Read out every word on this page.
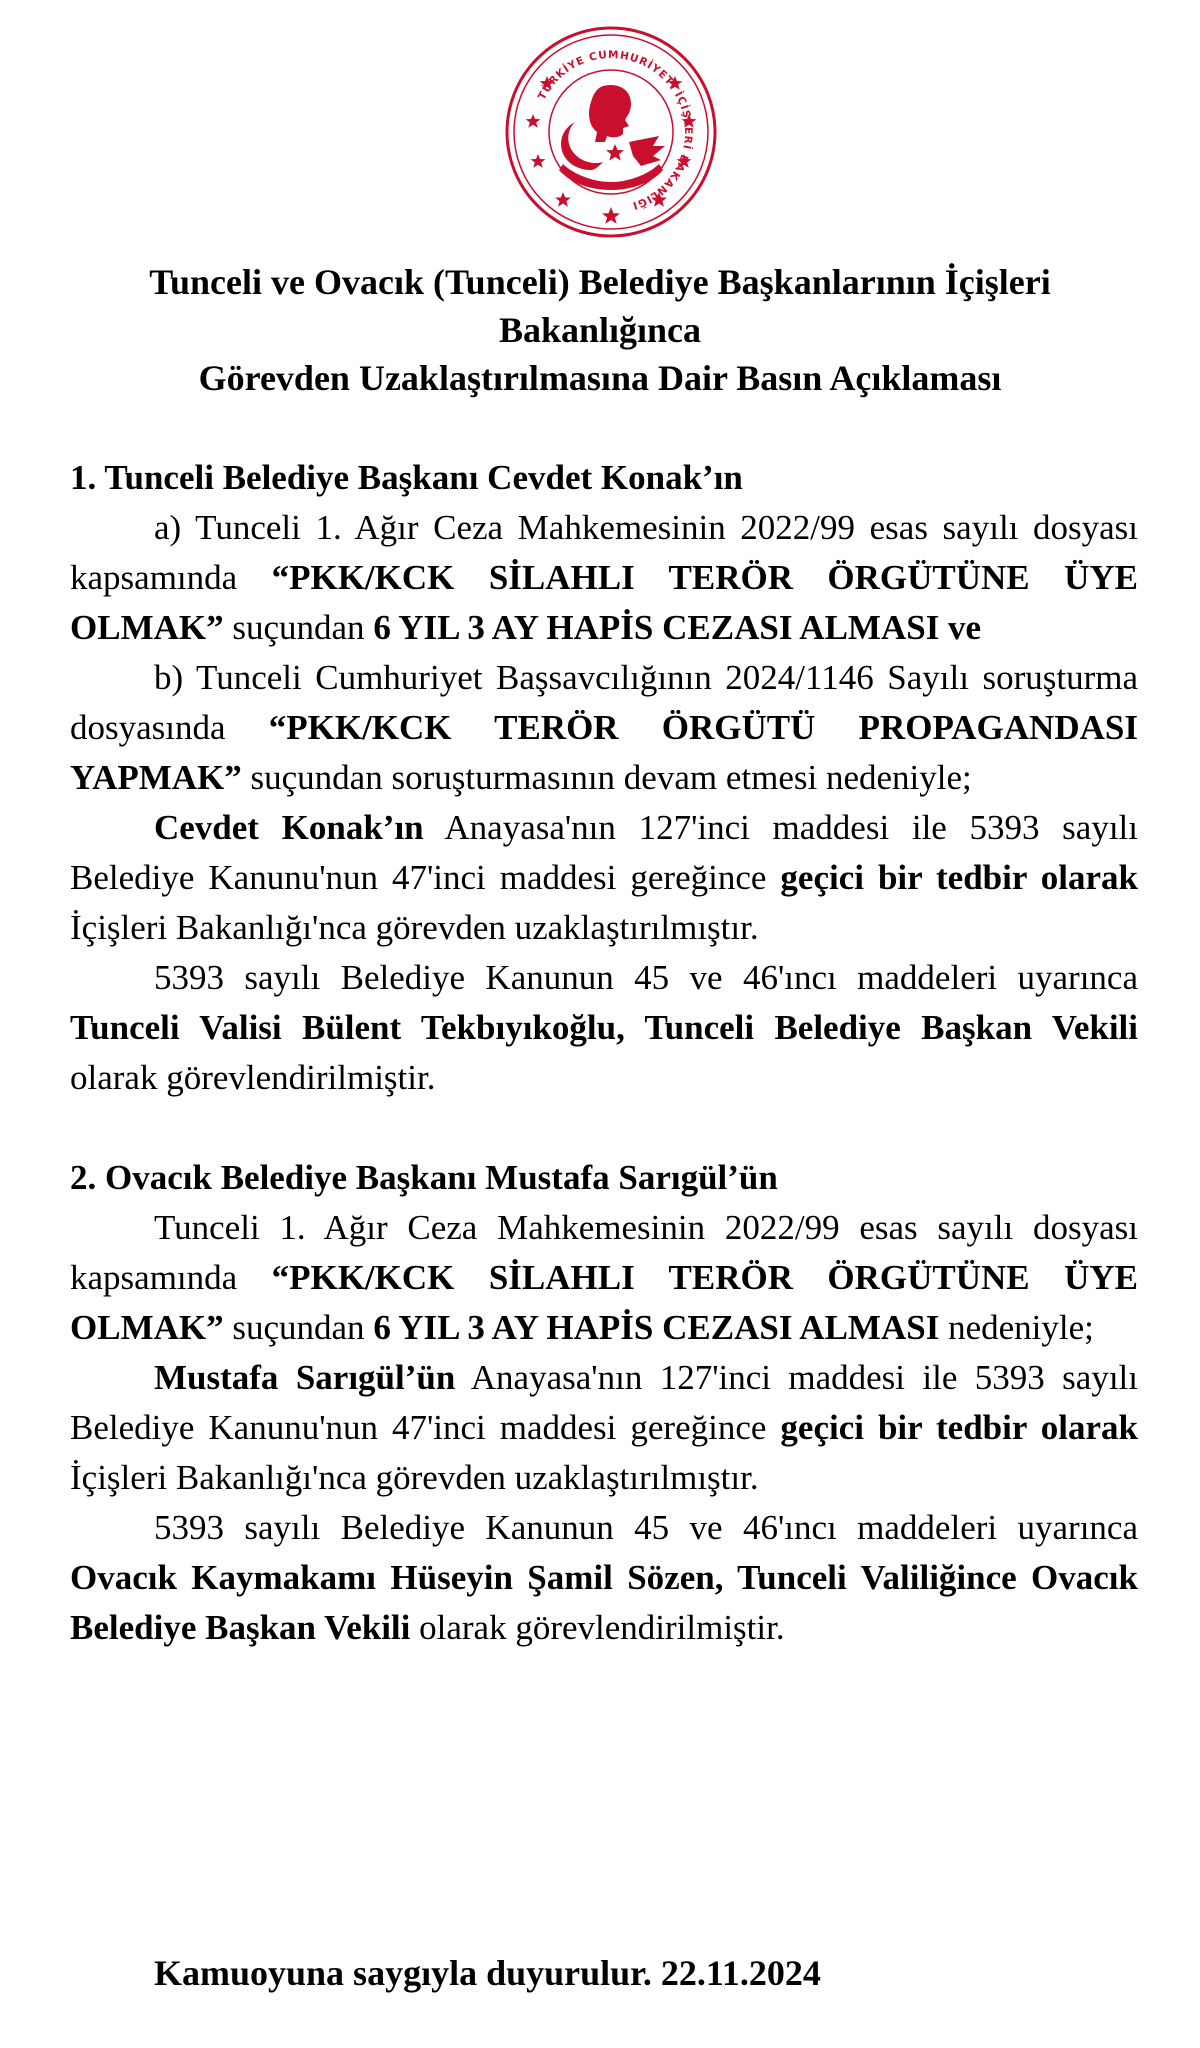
TÜRKİYE CUMHURİYETİ İÇİŞLERİ BAKANLIĞI
Tunceli ve Ovacık (Tunceli) Belediye Başkanlarının İçişleri Bakanlığınca
Görevden Uzaklaştırılmasına Dair Basın Açıklaması
1. Tunceli Belediye Başkanı Cevdet Konak’ın

a) Tunceli 1. Ağır Ceza Mahkemesinin 2022/99 esas sayılı dosyası kapsamında “PKK/KCK SİLAHLI TERÖR ÖRGÜTÜNE ÜYE OLMAK” suçundan 6 YIL 3 AY HAPİS CEZASI ALMASI ve

b) Tunceli Cumhuriyet Başsavcılığının 2024/1146 Sayılı soruşturma dosyasında “PKK/KCK TERÖR ÖRGÜTÜ PROPAGANDASI YAPMAK” suçundan soruşturmasının devam etmesi nedeniyle;

Cevdet Konak’ın Anayasa'nın 127'inci maddesi ile 5393 sayılı Belediye Kanunu'nun 47'inci maddesi gereğince geçici bir tedbir olarak İçişleri Bakanlığı'nca görevden uzaklaştırılmıştır.

5393 sayılı Belediye Kanunun 45 ve 46'ıncı maddeleri uyarınca Tunceli Valisi Bülent Tekbıyıkoğlu, Tunceli Belediye Başkan Vekili olarak görevlendirilmiştir.

2. Ovacık Belediye Başkanı Mustafa Sarıgül’ün

Tunceli 1. Ağır Ceza Mahkemesinin 2022/99 esas sayılı dosyası kapsamında “PKK/KCK SİLAHLI TERÖR ÖRGÜTÜNE ÜYE OLMAK” suçundan 6 YIL 3 AY HAPİS CEZASI ALMASI nedeniyle;

Mustafa Sarıgül’ün Anayasa'nın 127'inci maddesi ile 5393 sayılı Belediye Kanunu'nun 47'inci maddesi gereğince geçici bir tedbir olarak İçişleri Bakanlığı'nca görevden uzaklaştırılmıştır.

5393 sayılı Belediye Kanunun 45 ve 46'ıncı maddeleri uyarınca Ovacık Kaymakamı Hüseyin Şamil Sözen, Tunceli Valiliğince Ovacık Belediye Başkan Vekili olarak görevlendirilmiştir.

Kamuoyuna saygıyla duyurulur. 22.11.2024
